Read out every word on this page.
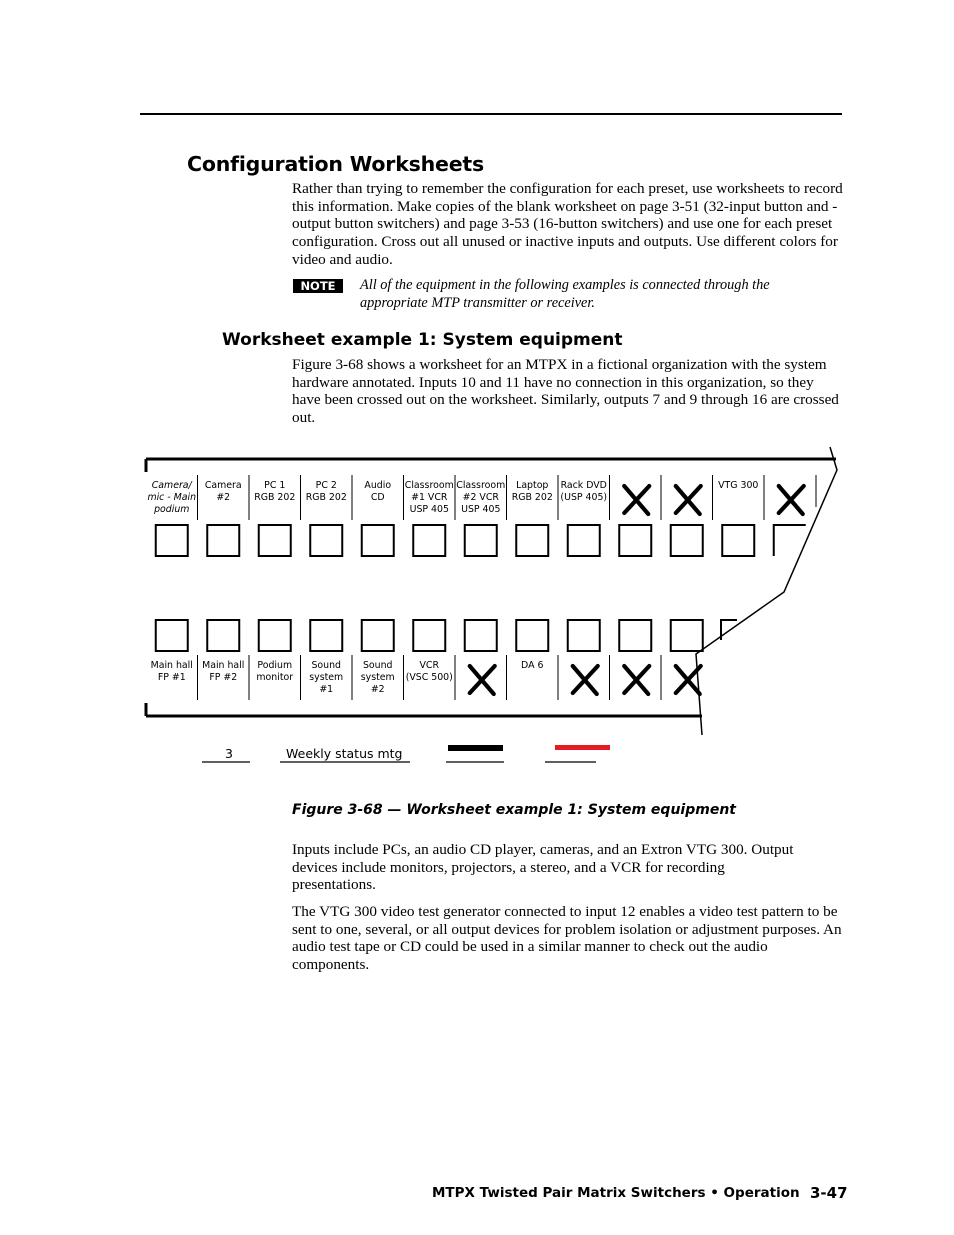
Configuration Worksheets

Rather than trying to remember the configuration for each preset, use worksheets to record this information. Make copies of the blank worksheet on page 3-51 (32-input button and -output button switchers) and page 3-53 (16-button switchers) and use one for each preset configuration. Cross out all unused or inactive inputs and outputs. Use different colors for video and audio.

NOTE	All of the equipment in the following examples is connected through the appropriate MTP transmitter or receiver.

Worksheet example 1: System equipment

Figure 3-68 shows a worksheet for an MTPX in a fictional organization with the system hardware annotated. Inputs 10 and 11 have no connection in this organization, so they have been crossed out on the worksheet. Similarly, outputs 7 and 9 through 16 are crossed out.

Camera/
mic - Main
podium
Camera
#2
PC 1
RGB 202
PC 2
RGB 202
Audio
CD
Classroom
#1 VCR
USP 405
Classroom
#2 VCR
USP 405
Laptop
RGB 202
Rack DVD
(USP 405)
VTG 300
Main hall
FP #1
Main hall
FP #2
Podium
monitor
Sound
system
#1
Sound
system
#2
VCR
(VSC 500)
DA 6
3	Weekly status mtg

Figure 3-68 — Worksheet example 1: System equipment

Inputs include PCs, an audio CD player, cameras, and an Extron VTG 300. Output devices include monitors, projectors, a stereo, and a VCR for recording presentations.

The VTG 300 video test generator connected to input 12 enables a video test pattern to be sent to one, several, or all output devices for problem isolation or adjustment purposes. An audio test tape or CD could be used in a similar manner to check out the audio components.

MTPX Twisted Pair Matrix Switchers • Operation 3-47
